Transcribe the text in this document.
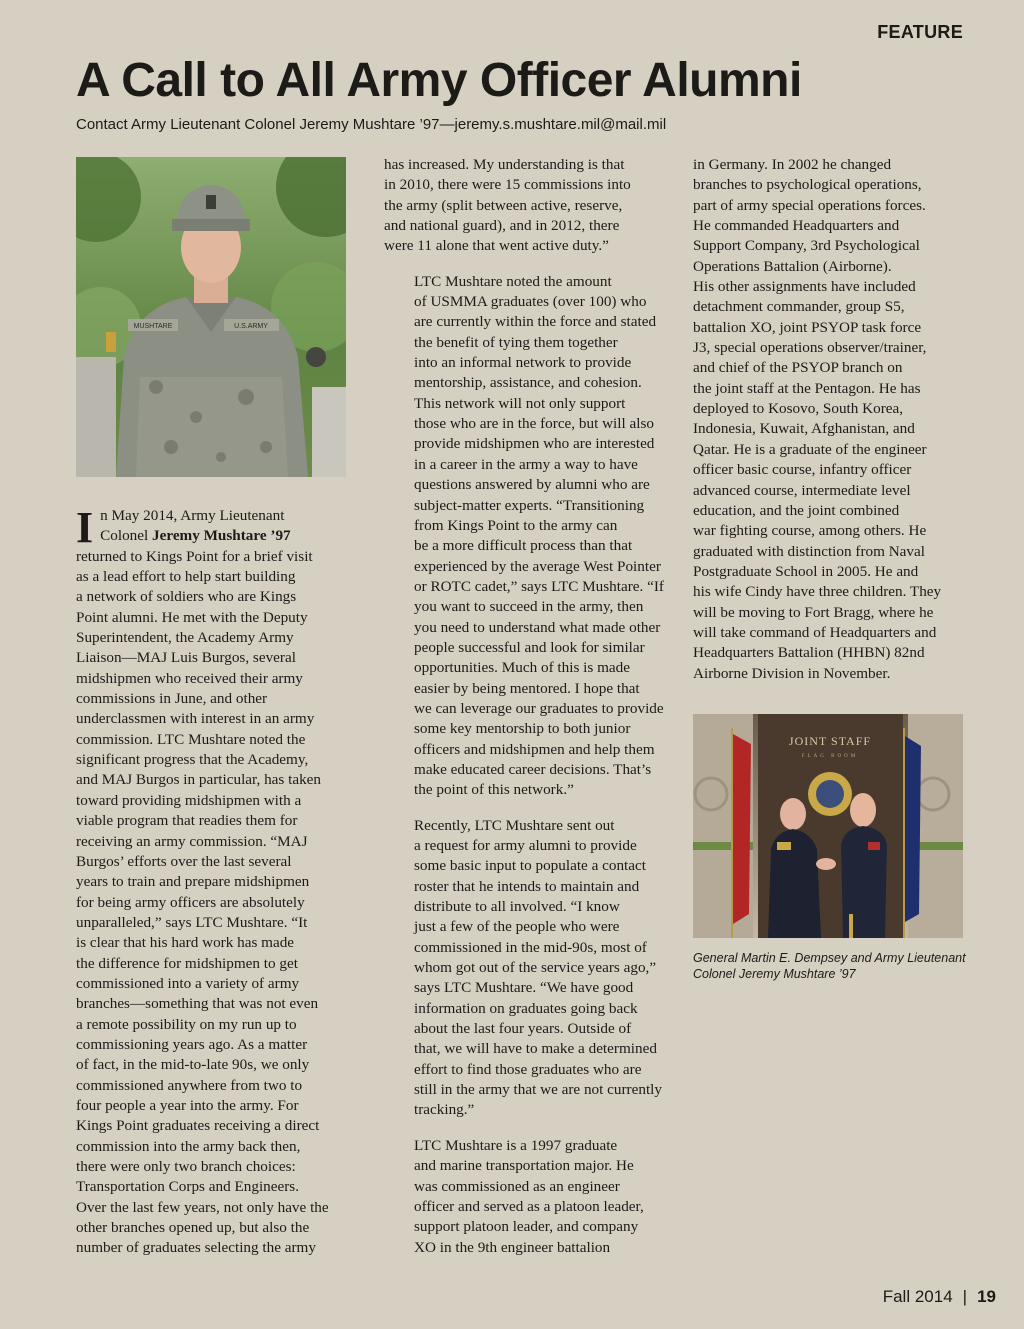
FEATURE
A Call to All Army Officer Alumni

Contact Army Lieutenant Colonel Jeremy Mushtare ’97—jeremy.s.mushtare.mil@mail.mil

MUSHTARE	U.S.ARMY
I n May 2014, Army Lieutenant
Colonel Jeremy Mushtare ’97
returned to Kings Point for a brief visit
as a lead effort to help start building
a network of soldiers who are Kings
Point alumni. He met with the Deputy
Superintendent, the Academy Army
Liaison—MAJ Luis Burgos, several
midshipmen who received their army
commissions in June, and other
underclassmen with interest in an army
commission. LTC Mushtare noted the
significant progress that the Academy,
and MAJ Burgos in particular, has taken
toward providing midshipmen with a
viable program that readies them for
receiving an army commission. “MAJ
Burgos’ efforts over the last several
years to train and prepare midshipmen
for being army officers are absolutely
unparalleled,” says LTC Mushtare. “It
is clear that his hard work has made
the difference for midshipmen to get
commissioned into a variety of army
branches—something that was not even
a remote possibility on my run up to
commissioning years ago. As a matter
of fact, in the mid-to-late 90s, we only
commissioned anywhere from two to
four people a year into the army. For
Kings Point graduates receiving a direct
commission into the army back then,
there were only two branch choices:
Transportation Corps and Engineers.
Over the last few years, not only have the
other branches opened up, but also the
number of graduates selecting the army

has increased. My understanding is that
in 2010, there were 15 commissions into
the army (split between active, reserve,
and national guard), and in 2012, there
were 11 alone that went active duty.”

LTC Mushtare noted the amount
of USMMA graduates (over 100) who
are currently within the force and stated
the benefit of tying them together
into an informal network to provide
mentorship, assistance, and cohesion.
This network will not only support
those who are in the force, but will also
provide midshipmen who are interested
in a career in the army a way to have
questions answered by alumni who are
subject-matter experts. “Transitioning
from Kings Point to the army can
be a more difficult process than that
experienced by the average West Pointer
or ROTC cadet,” says LTC Mushtare. “If
you want to succeed in the army, then
you need to understand what made other
people successful and look for similar
opportunities. Much of this is made
easier by being mentored. I hope that
we can leverage our graduates to provide
some key mentorship to both junior
officers and midshipmen and help them
make educated career decisions. That’s
the point of this network.”

Recently, LTC Mushtare sent out
a request for army alumni to provide
some basic input to populate a contact
roster that he intends to maintain and
distribute to all involved. “I know
just a few of the people who were
commissioned in the mid-90s, most of
whom got out of the service years ago,”
says LTC Mushtare. “We have good
information on graduates going back
about the last four years. Outside of
that, we will have to make a determined
effort to find those graduates who are
still in the army that we are not currently
tracking.”

LTC Mushtare is a 1997 graduate
and marine transportation major. He
was commissioned as an engineer
officer and served as a platoon leader,
support platoon leader, and company
XO in the 9th engineer battalion

in Germany. In 2002 he changed
branches to psychological operations,
part of army special operations forces.
He commanded Headquarters and
Support Company, 3rd Psychological
Operations Battalion (Airborne).
His other assignments have included
detachment commander, group S5,
battalion XO, joint PSYOP task force
J3, special operations observer/trainer,
and chief of the PSYOP branch on
the joint staff at the Pentagon. He has
deployed to Kosovo, South Korea,
Indonesia, Kuwait, Afghanistan, and
Qatar. He is a graduate of the engineer
officer basic course, infantry officer
advanced course, intermediate level
education, and the joint combined
war fighting course, among others. He
graduated with distinction from Naval
Postgraduate School in 2005. He and
his wife Cindy have three children. They
will be moving to Fort Bragg, where he
will take command of Headquarters and
Headquarters Battalion (HHBN) 82nd
Airborne Division in November.

JOINT STAFF
FLAG ROOM
General Martin E. Dempsey and Army Lieutenant Colonel Jeremy Mushtare ’97
Fall 2014 | 19
